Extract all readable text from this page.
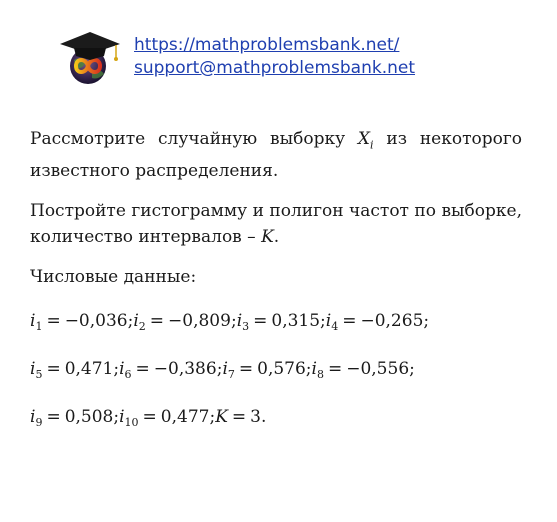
https://mathproblemsbank.net/
support@mathproblemsbank.net

Рассмотрите случайную выборку $X_i$ из некоторого известного распределения.

Постройте гистограмму и полигон частот по выборке, количество интервалов – K.

Числовые данные:

$i_1$ = $-0,036;i_2$ = $-0,809;i_3$ = $0,315;i_4 = -0,265$;
$i_5$ = $0,471;i_6$ = $-0,386;i_7$ = $0,576;i_8 = -0,556$;
$i_9$ = $0,508;i_{10}$ = 0,477;K = 3.
